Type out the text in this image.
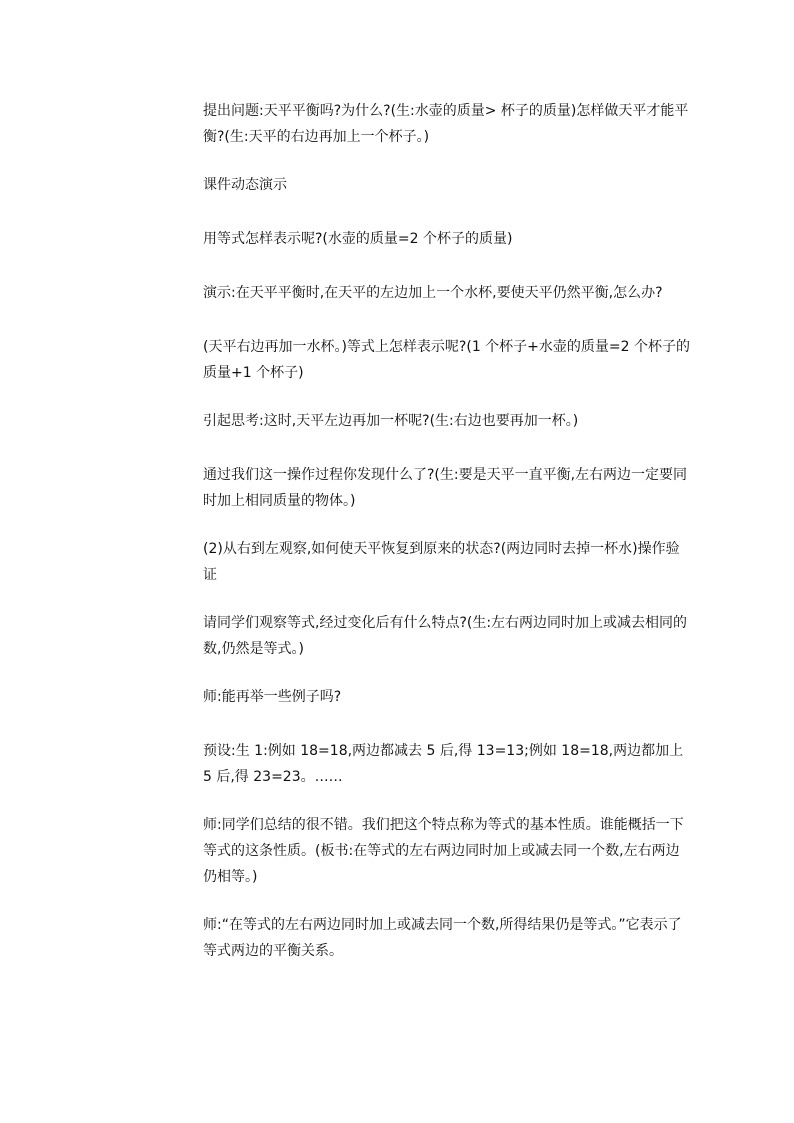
提出问题:天平平衡吗?为什么?(生:水壶的质量> 杯子的质量)怎样做天平才能平衡?(生:天平的右边再加上一个杯子。)

课件动态演示

用等式怎样表示呢?(水壶的质量=2 个杯子的质量)

演示:在天平平衡时,在天平的左边加上一个水杯,要使天平仍然平衡,怎么办?

(天平右边再加一水杯。)等式上怎样表示呢?(1 个杯子+水壶的质量=2 个杯子的质量+1 个杯子)

引起思考:这时,天平左边再加一杯呢?(生:右边也要再加一杯。)

通过我们这一操作过程你发现什么了?(生:要是天平一直平衡,左右两边一定要同时加上相同质量的物体。)

(2)从右到左观察,如何使天平恢复到原来的状态?(两边同时去掉一杯水)操作验证

请同学们观察等式,经过变化后有什么特点?(生:左右两边同时加上或减去相同的数,仍然是等式。)

师:能再举一些例子吗?

预设:生 1:例如 18=18,两边都减去 5 后,得 13=13;例如 18=18,两边都加上 5 后,得 23=23。……

师:同学们总结的很不错。我们把这个特点称为等式的基本性质。谁能概括一下等式的这条性质。(板书:在等式的左右两边同时加上或减去同一个数,左右两边仍相等。)

师:“在等式的左右两边同时加上或减去同一个数,所得结果仍是等式。”它表示了等式两边的平衡关系。
